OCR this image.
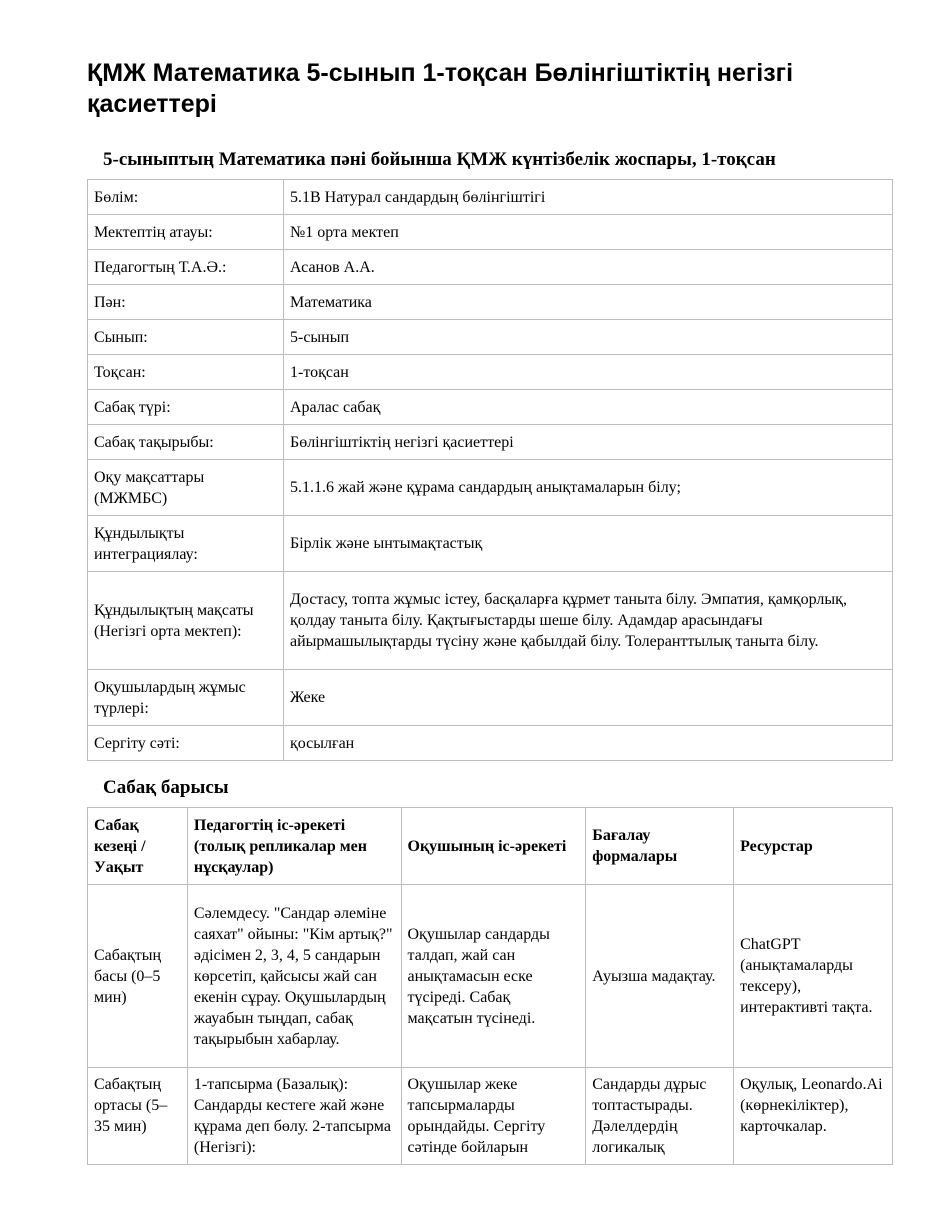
ҚМЖ Математика 5-сынып 1-тоқсан Бөлінгіштіктің негізгі қасиеттері
5-сыныптың Математика пәні бойынша ҚМЖ күнтізбелік жоспары, 1-тоқсан
Бөлім:	5.1В Натурал сандардың бөлінгіштігі
Мектептің атауы:	№1 орта мектеп
Педагогтың Т.А.Ә.:	Асанов А.А.
Пән:	Математика
Сынып:	5-сынып
Тоқсан:	1-тоқсан
Сабақ түрі:	Аралас сабақ
Сабақ тақырыбы:	Бөлінгіштіктің негізгі қасиеттері
Оқу мақсаттары (МЖМБС)	5.1.1.6 жай және құрама сандардың анықтамаларын білу;
Құндылықты интеграциялау:	Бірлік және ынтымақтастық
Құндылықтың мақсаты (Негізгі орта мектеп):	Достасу, топта жұмыс істеу, басқаларға құрмет таныта білу. Эмпатия, қамқорлық, қолдау таныта білу. Қақтығыстарды шеше білу. Адамдар арасындағы айырмашылықтарды түсіну және қабылдай білу. Толеранттылық таныта білу.
Оқушылардың жұмыс түрлері:	Жеке
Сергіту сәті:	қосылған
Сабақ барысы
Сабақ кезеңі / Уақыт	Педагогтің іс-әрекеті (толық репликалар мен нұсқаулар)	Оқушының іс-әрекеті	Бағалау формалары	Ресурстар
Сабақтың басы (0–5 мин)	Сәлемдесу. "Сандар әлеміне саяхат" ойыны: "Кім артық?" әдісімен 2, 3, 4, 5 сандарын көрсетіп, қайсысы жай сан екенін сұрау. Оқушылардың жауабын тыңдап, сабақ тақырыбын хабарлау.	Оқушылар сандарды талдап, жай сан анықтамасын еске түсіреді. Сабақ мақсатын түсінеді.	Ауызша мадақтау.	ChatGPT (анықтамаларды тексеру), интерактивті тақта.
Сабақтың ортасы (5–35 мин)	1-тапсырма (Базалық): Сандарды кестеге жай және құрама деп бөлу. 2-тапсырма (Негізгі):	Оқушылар жеке тапсырмаларды орындайды. Сергіту сәтінде бойларын	Сандарды дұрыс топтастырады. Дәлелдердің логикалық	Оқулық, Leonardo.Ai (көрнекіліктер), карточкалар.
